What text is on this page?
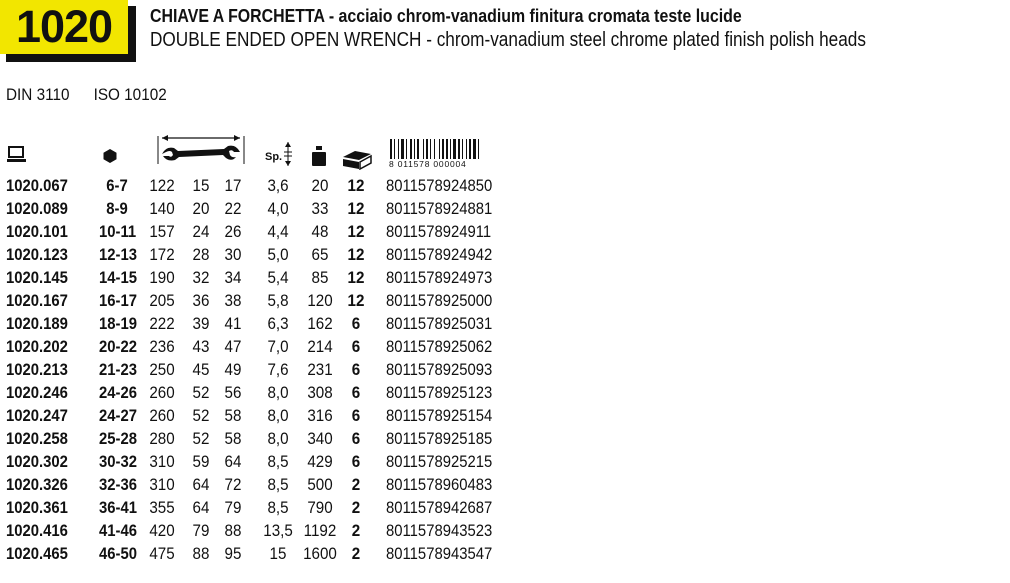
1020	CHIAVE A FORCHETTA - acciaio chrom-vanadium finitura cromata teste lucide
DOUBLE ENDED OPEN WRENCH - chrom-vanadium steel chrome plated finish polish heads
DIN 3110 ISO 10102
Sp.
8 011578 000004
1020.067	6-7	122 15 17 3,6	20	12 8011578924850
1020.089	8-9	140 20 22 4,0	33	12 8011578924881
1020.101 10-11 157 24 26 4,4	48	12 8011578924911
1020.123 12-13 172 28 30 5,0	65	12 8011578924942
1020.145 14-15 190 32 34 5,4	85	12 8011578924973
1020.167 16-17 205 36 38 5,8	120 12 8011578925000
1020.189 18-19 222 39 41 6,3	162	6	8011578925031
1020.202 20-22 236 43 47 7,0	214	6	8011578925062
1020.213 21-23 250 45 49 7,6	231	6	8011578925093
1020.246 24-26 260 52 56 8,0	308	6	8011578925123
1020.247 24-27 260 52 58 8,0	316	6	8011578925154
1020.258 25-28 280 52 58 8,0	340	6	8011578925185
1020.302 30-32 310 59 64 8,5	429	6	8011578925215
1020.326 32-36 310 64 72 8,5	500	2	8011578960483
1020.361 36-41 355 64 79 8,5	790	2	8011578942687
1020.416 41-46 420 79 88 13,5 1192 2	8011578943523
1020.465 46-50 475 88 95	15	1600 2	8011578943547
